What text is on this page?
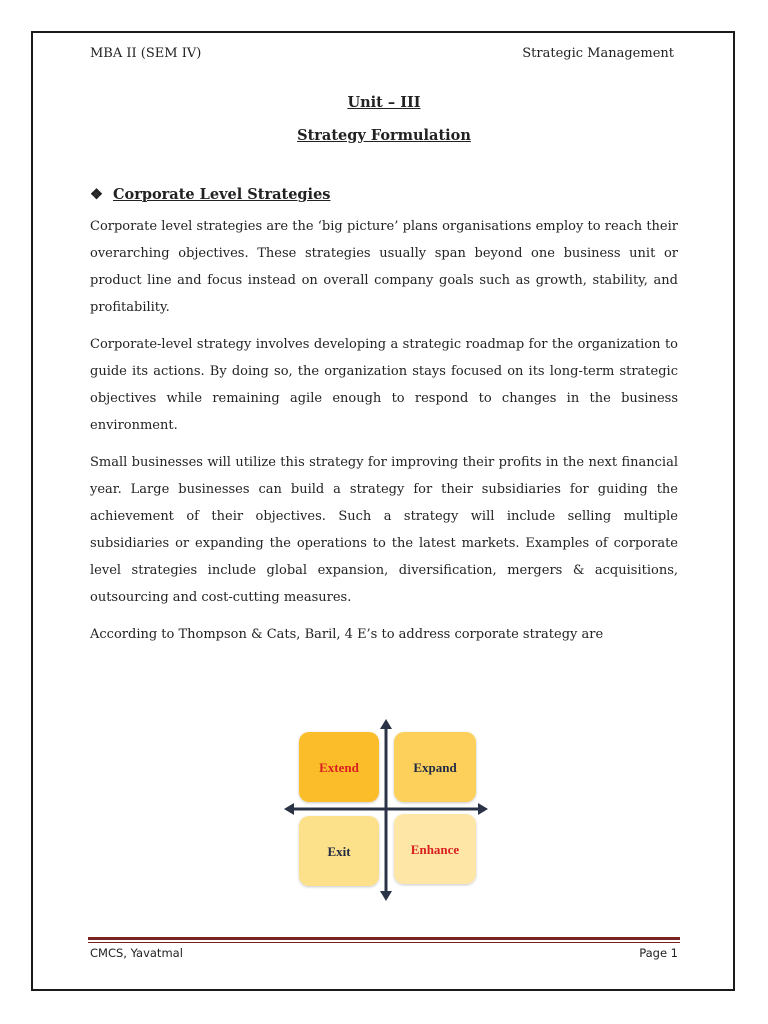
MBA II (SEM IV)	Strategic Management
Unit – III
Strategy Formulation
❖ Corporate Level Strategies

Corporate level strategies are the ‘big picture’ plans organisations employ to reach their overarching objectives. These strategies usually span beyond one business unit or product line and focus instead on overall company goals such as growth, stability, and profitability.

Corporate-level strategy involves developing a strategic roadmap for the organization to guide its actions. By doing so, the organization stays focused on its long-term strategic objectives while remaining agile enough to respond to changes in the business environment.

Small businesses will utilize this strategy for improving their profits in the next financial year. Large businesses can build a strategy for their subsidiaries for guiding the achievement of their objectives. Such a strategy will include selling multiple subsidiaries or expanding the operations to the latest markets. Examples of corporate level strategies include global expansion, diversification, mergers & acquisitions, outsourcing and cost-cutting measures.

According to Thompson & Cats, Baril, 4 E’s to address corporate strategy are

Extend	Expand
Exit	Enhance
CMCS, Yavatmal	Page 1
